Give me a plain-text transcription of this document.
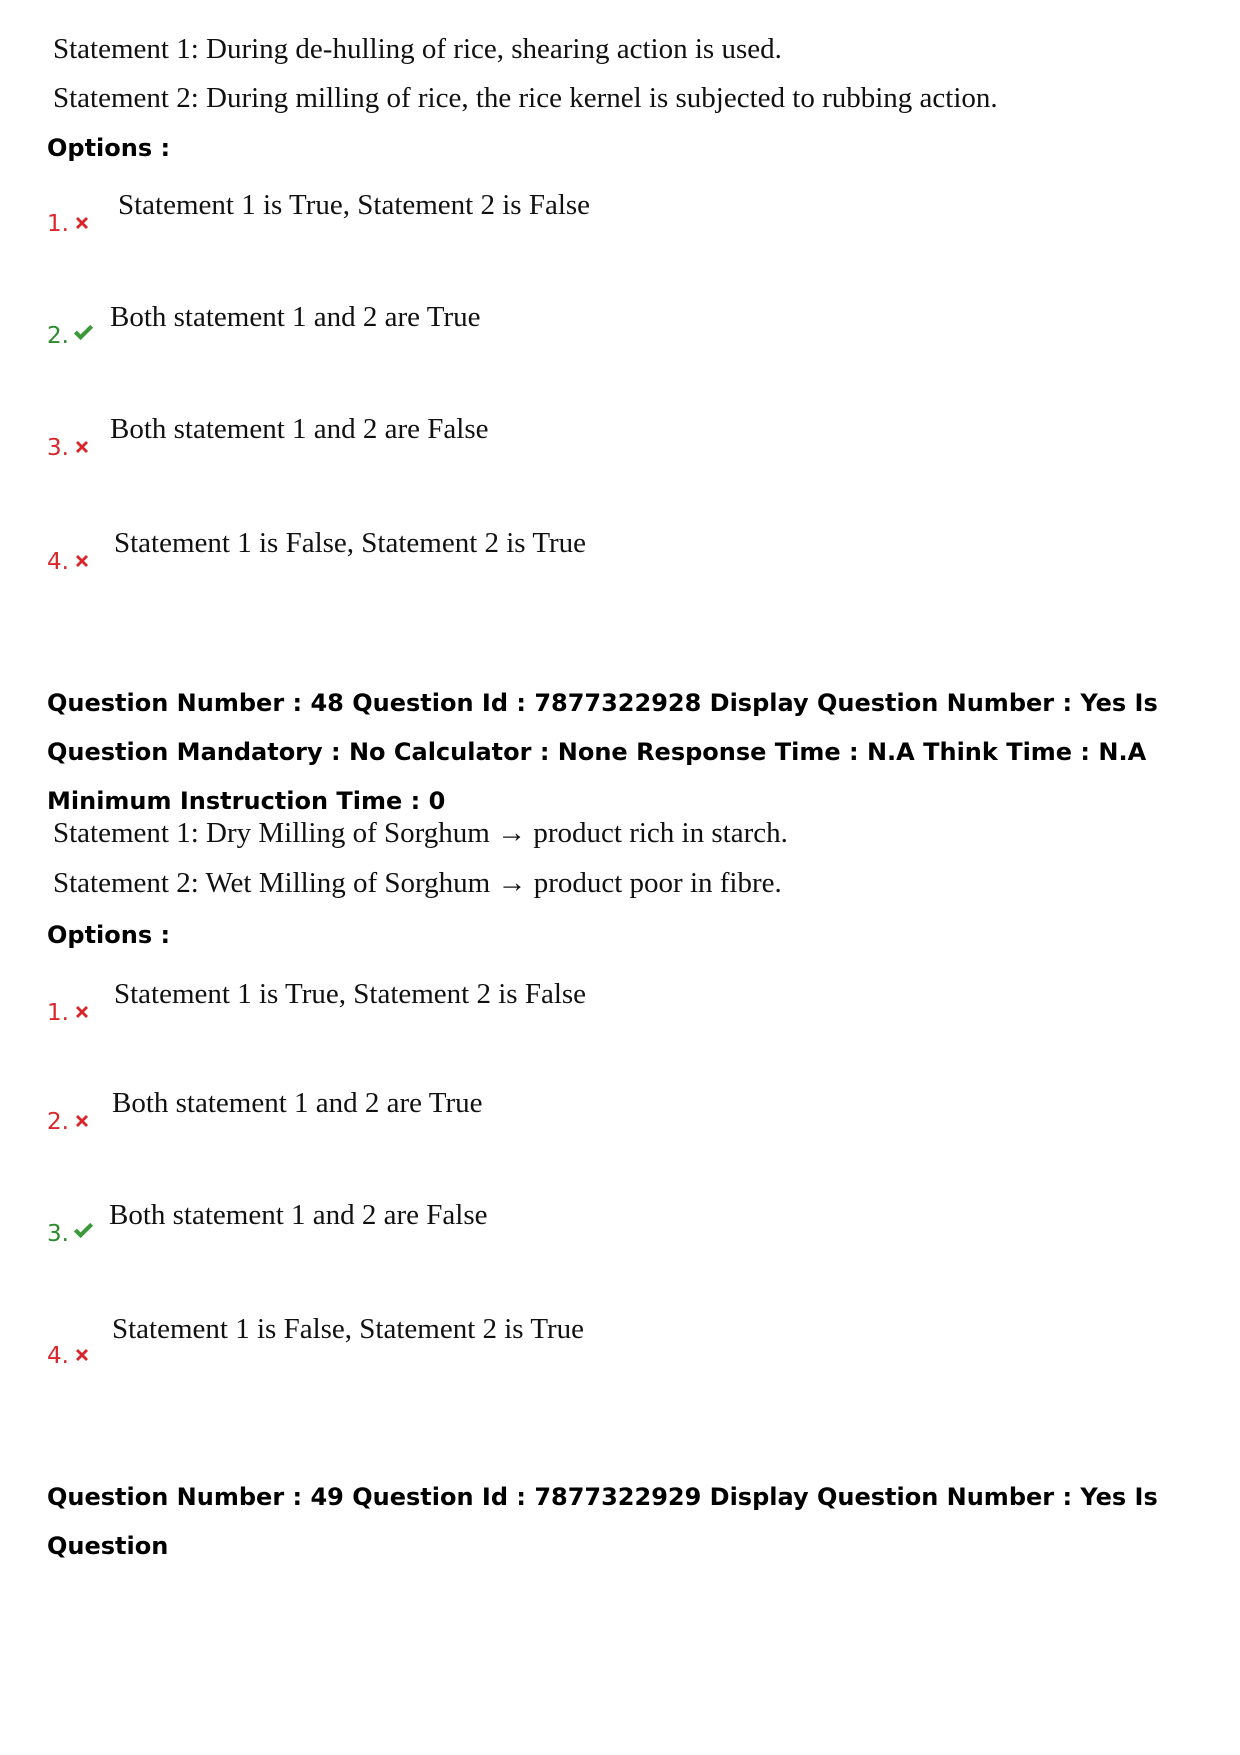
Statement 1: During de-hulling of rice, shearing action is used.
Statement 2: During milling of rice, the rice kernel is subjected to rubbing action.
Options :
1.
Statement 1 is True, Statement 2 is False
2.
Both statement 1 and 2 are True
3.
Both statement 1 and 2 are False
4.
Statement 1 is False, Statement 2 is True
Question Number : 48 Question Id : 7877322928 Display Question Number : Yes Is Question Mandatory : No Calculator : None Response Time : N.A Think Time : N.A Minimum Instruction Time : 0
Statement 1: Dry Milling of Sorghum → product rich in starch.
Statement 2: Wet Milling of Sorghum → product poor in fibre.
Options :
1.
Statement 1 is True, Statement 2 is False
2.
Both statement 1 and 2 are True
3.
Both statement 1 and 2 are False
4.
Statement 1 is False, Statement 2 is True
Question Number : 49 Question Id : 7877322929 Display Question Number : Yes Is Question
